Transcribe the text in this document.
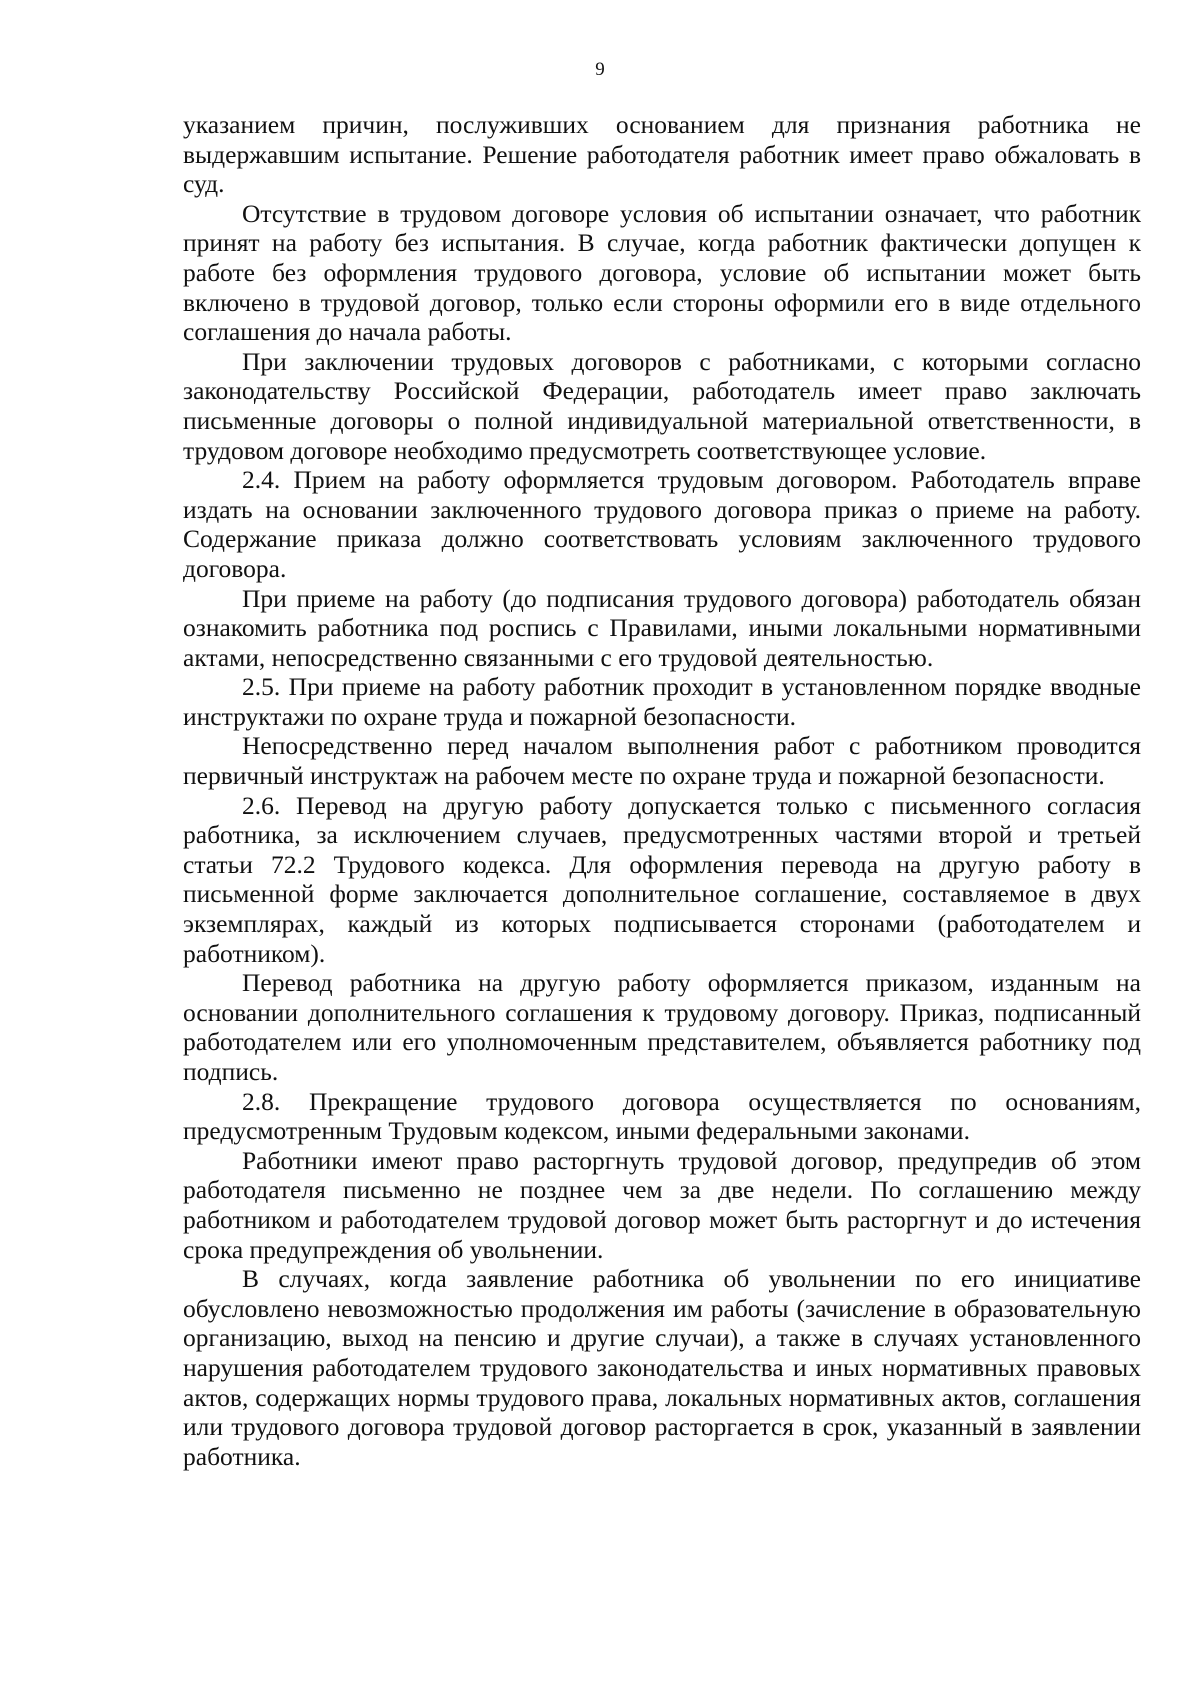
9

указанием причин, послуживших основанием для признания работника не выдержавшим испытание. Решение работодателя работник имеет право обжаловать в суд.

Отсутствие в трудовом договоре условия об испытании означает, что работник принят на работу без испытания. В случае, когда работник фактически допущен к работе без оформления трудового договора, условие об испытании может быть включено в трудовой договор, только если стороны оформили его в виде отдельного соглашения до начала работы.

При заключении трудовых договоров с работниками, с которыми согласно законодательству Российской Федерации, работодатель имеет право заключать письменные договоры о полной индивидуальной материальной ответственности, в трудовом договоре необходимо предусмотреть соответствующее условие.

2.4. Прием на работу оформляется трудовым договором. Работодатель вправе издать на основании заключенного трудового договора приказ о приеме на работу. Содержание приказа должно соответствовать условиям заключенного трудового договора.

При приеме на работу (до подписания трудового договора) работодатель обязан ознакомить работника под роспись с Правилами, иными локальными нормативными актами, непосредственно связанными с его трудовой деятельностью.

2.5. При приеме на работу работник проходит в установленном порядке вводные инструктажи по охране труда и пожарной безопасности.

Непосредственно перед началом выполнения работ с работником проводится первичный инструктаж на рабочем месте по охране труда и пожарной безопасности.

2.6. Перевод на другую работу допускается только с письменного согласия работника, за исключением случаев, предусмотренных частями второй и третьей статьи 72.2 Трудового кодекса. Для оформления перевода на другую работу в письменной форме заключается дополнительное соглашение, составляемое в двух экземплярах, каждый из которых подписывается сторонами (работодателем и работником).

Перевод работника на другую работу оформляется приказом, изданным на основании дополнительного соглашения к трудовому договору. Приказ, подписанный работодателем или его уполномоченным представителем, объявляется работнику под подпись.

2.8. Прекращение трудового договора осуществляется по основаниям, предусмотренным Трудовым кодексом, иными федеральными законами.

Работники имеют право расторгнуть трудовой договор, предупредив об этом работодателя письменно не позднее чем за две недели. По соглашению между работником и работодателем трудовой договор может быть расторгнут и до истечения срока предупреждения об увольнении.

В случаях, когда заявление работника об увольнении по его инициативе обусловлено невозможностью продолжения им работы (зачисление в образовательную организацию, выход на пенсию и другие случаи), а также в случаях установленного нарушения работодателем трудового законодательства и иных нормативных правовых актов, содержащих нормы трудового права, локальных нормативных актов, соглашения или трудового договора трудовой договор расторгается в срок, указанный в заявлении работника.
